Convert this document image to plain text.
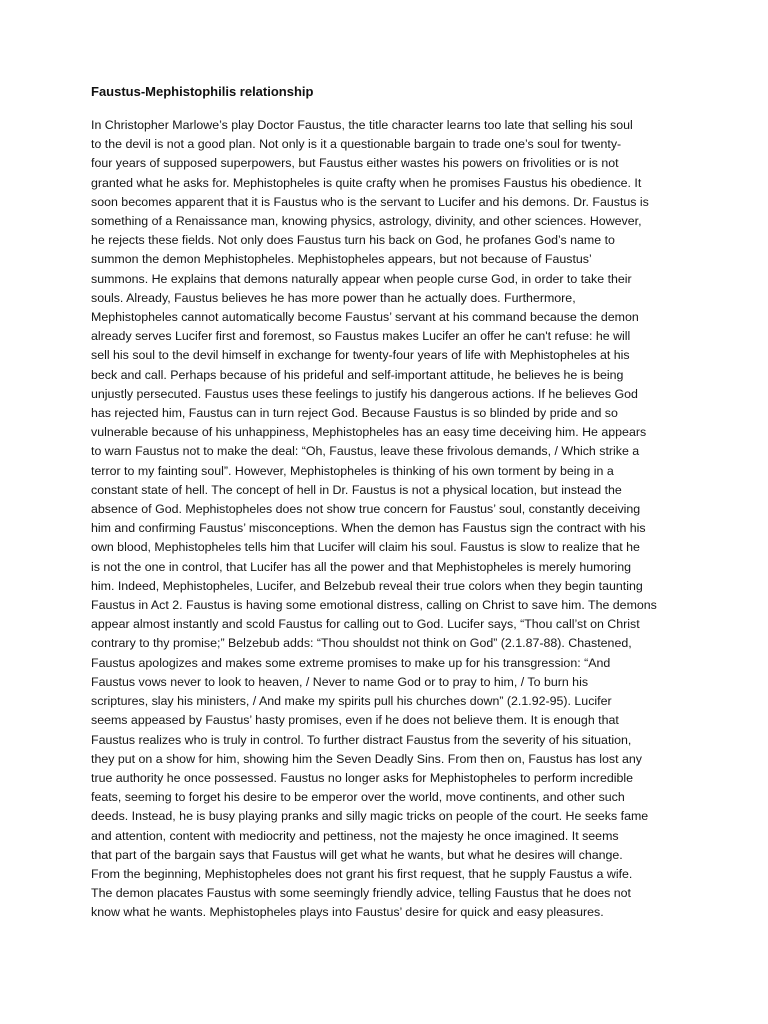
Faustus-Mephistophilis relationship
In Christopher Marlowe’s play Doctor Faustus, the title character learns too late that selling his soul
to the devil is not a good plan. Not only is it a questionable bargain to trade one’s soul for twenty-
four years of supposed superpowers, but Faustus either wastes his powers on frivolities or is not
granted what he asks for. Mephistopheles is quite crafty when he promises Faustus his obedience. It
soon becomes apparent that it is Faustus who is the servant to Lucifer and his demons. Dr. Faustus is
something of a Renaissance man, knowing physics, astrology, divinity, and other sciences. However,
he rejects these fields. Not only does Faustus turn his back on God, he profanes God’s name to
summon the demon Mephistopheles. Mephistopheles appears, but not because of Faustus’
summons. He explains that demons naturally appear when people curse God, in order to take their
souls. Already, Faustus believes he has more power than he actually does. Furthermore,
Mephistopheles cannot automatically become Faustus’ servant at his command because the demon
already serves Lucifer first and foremost, so Faustus makes Lucifer an offer he can't refuse: he will
sell his soul to the devil himself in exchange for twenty-four years of life with Mephistopheles at his
beck and call. Perhaps because of his prideful and self-important attitude, he believes he is being
unjustly persecuted. Faustus uses these feelings to justify his dangerous actions. If he believes God
has rejected him, Faustus can in turn reject God. Because Faustus is so blinded by pride and so
vulnerable because of his unhappiness, Mephistopheles has an easy time deceiving him. He appears
to warn Faustus not to make the deal: “Oh, Faustus, leave these frivolous demands, / Which strike a
terror to my fainting soul”. However, Mephistopheles is thinking of his own torment by being in a
constant state of hell. The concept of hell in Dr. Faustus is not a physical location, but instead the
absence of God. Mephistopheles does not show true concern for Faustus’ soul, constantly deceiving
him and confirming Faustus’ misconceptions. When the demon has Faustus sign the contract with his
own blood, Mephistopheles tells him that Lucifer will claim his soul. Faustus is slow to realize that he
is not the one in control, that Lucifer has all the power and that Mephistopheles is merely humoring
him. Indeed, Mephistopheles, Lucifer, and Belzebub reveal their true colors when they begin taunting
Faustus in Act 2. Faustus is having some emotional distress, calling on Christ to save him. The demons
appear almost instantly and scold Faustus for calling out to God. Lucifer says, “Thou call’st on Christ
contrary to thy promise;” Belzebub adds: “Thou shouldst not think on God” (2.1.87-88). Chastened,
Faustus apologizes and makes some extreme promises to make up for his transgression: “And
Faustus vows never to look to heaven, / Never to name God or to pray to him, / To burn his
scriptures, slay his ministers, / And make my spirits pull his churches down” (2.1.92-95). Lucifer
seems appeased by Faustus’ hasty promises, even if he does not believe them. It is enough that
Faustus realizes who is truly in control. To further distract Faustus from the severity of his situation,
they put on a show for him, showing him the Seven Deadly Sins. From then on, Faustus has lost any
true authority he once possessed. Faustus no longer asks for Mephistopheles to perform incredible
feats, seeming to forget his desire to be emperor over the world, move continents, and other such
deeds. Instead, he is busy playing pranks and silly magic tricks on people of the court. He seeks fame
and attention, content with mediocrity and pettiness, not the majesty he once imagined. It seems
that part of the bargain says that Faustus will get what he wants, but what he desires will change.
From the beginning, Mephistopheles does not grant his first request, that he supply Faustus a wife.
The demon placates Faustus with some seemingly friendly advice, telling Faustus that he does not
know what he wants. Mephistopheles plays into Faustus’ desire for quick and easy pleasures.
